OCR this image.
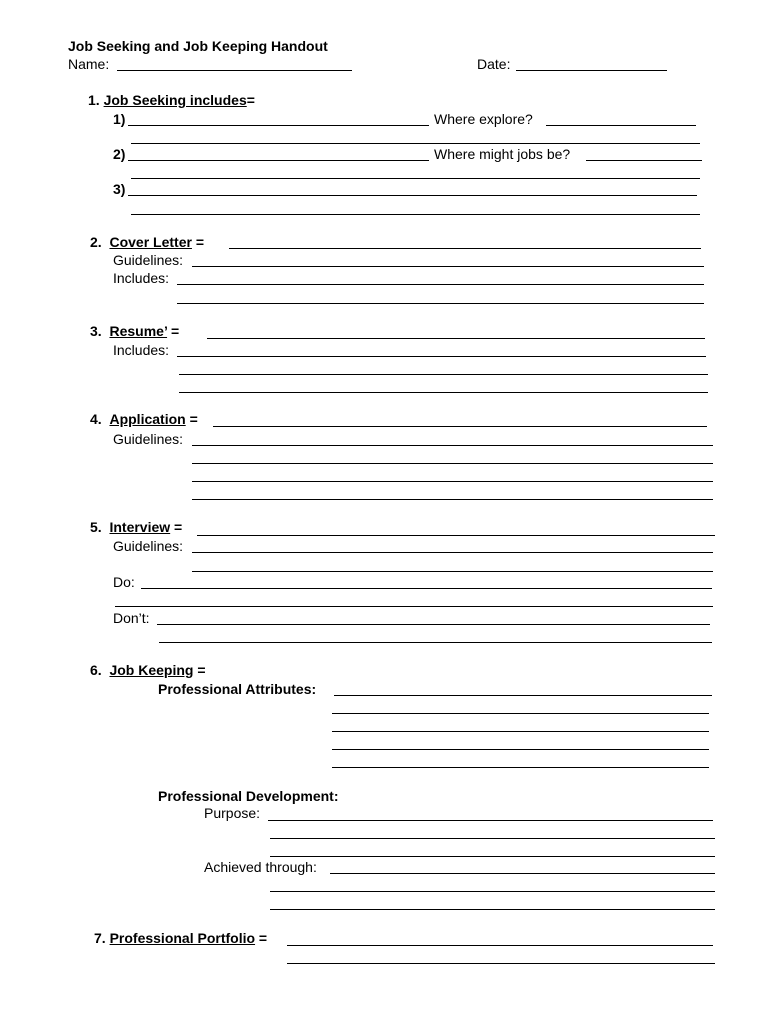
Job Seeking and Job Keeping Handout
Name:	Date:
1. Job Seeking includes=
1)	Where explore?
2)	Where might jobs be?
3)
2. Cover Letter =
Guidelines:
Includes:
3. Resume’ =
Includes:
4. Application =
Guidelines:
5. Interview =
Guidelines:
Do:
Don’t:
6. Job Keeping =
Professional Attributes:
Professional Development:
Purpose:
Achieved through:
7. Professional Portfolio =
